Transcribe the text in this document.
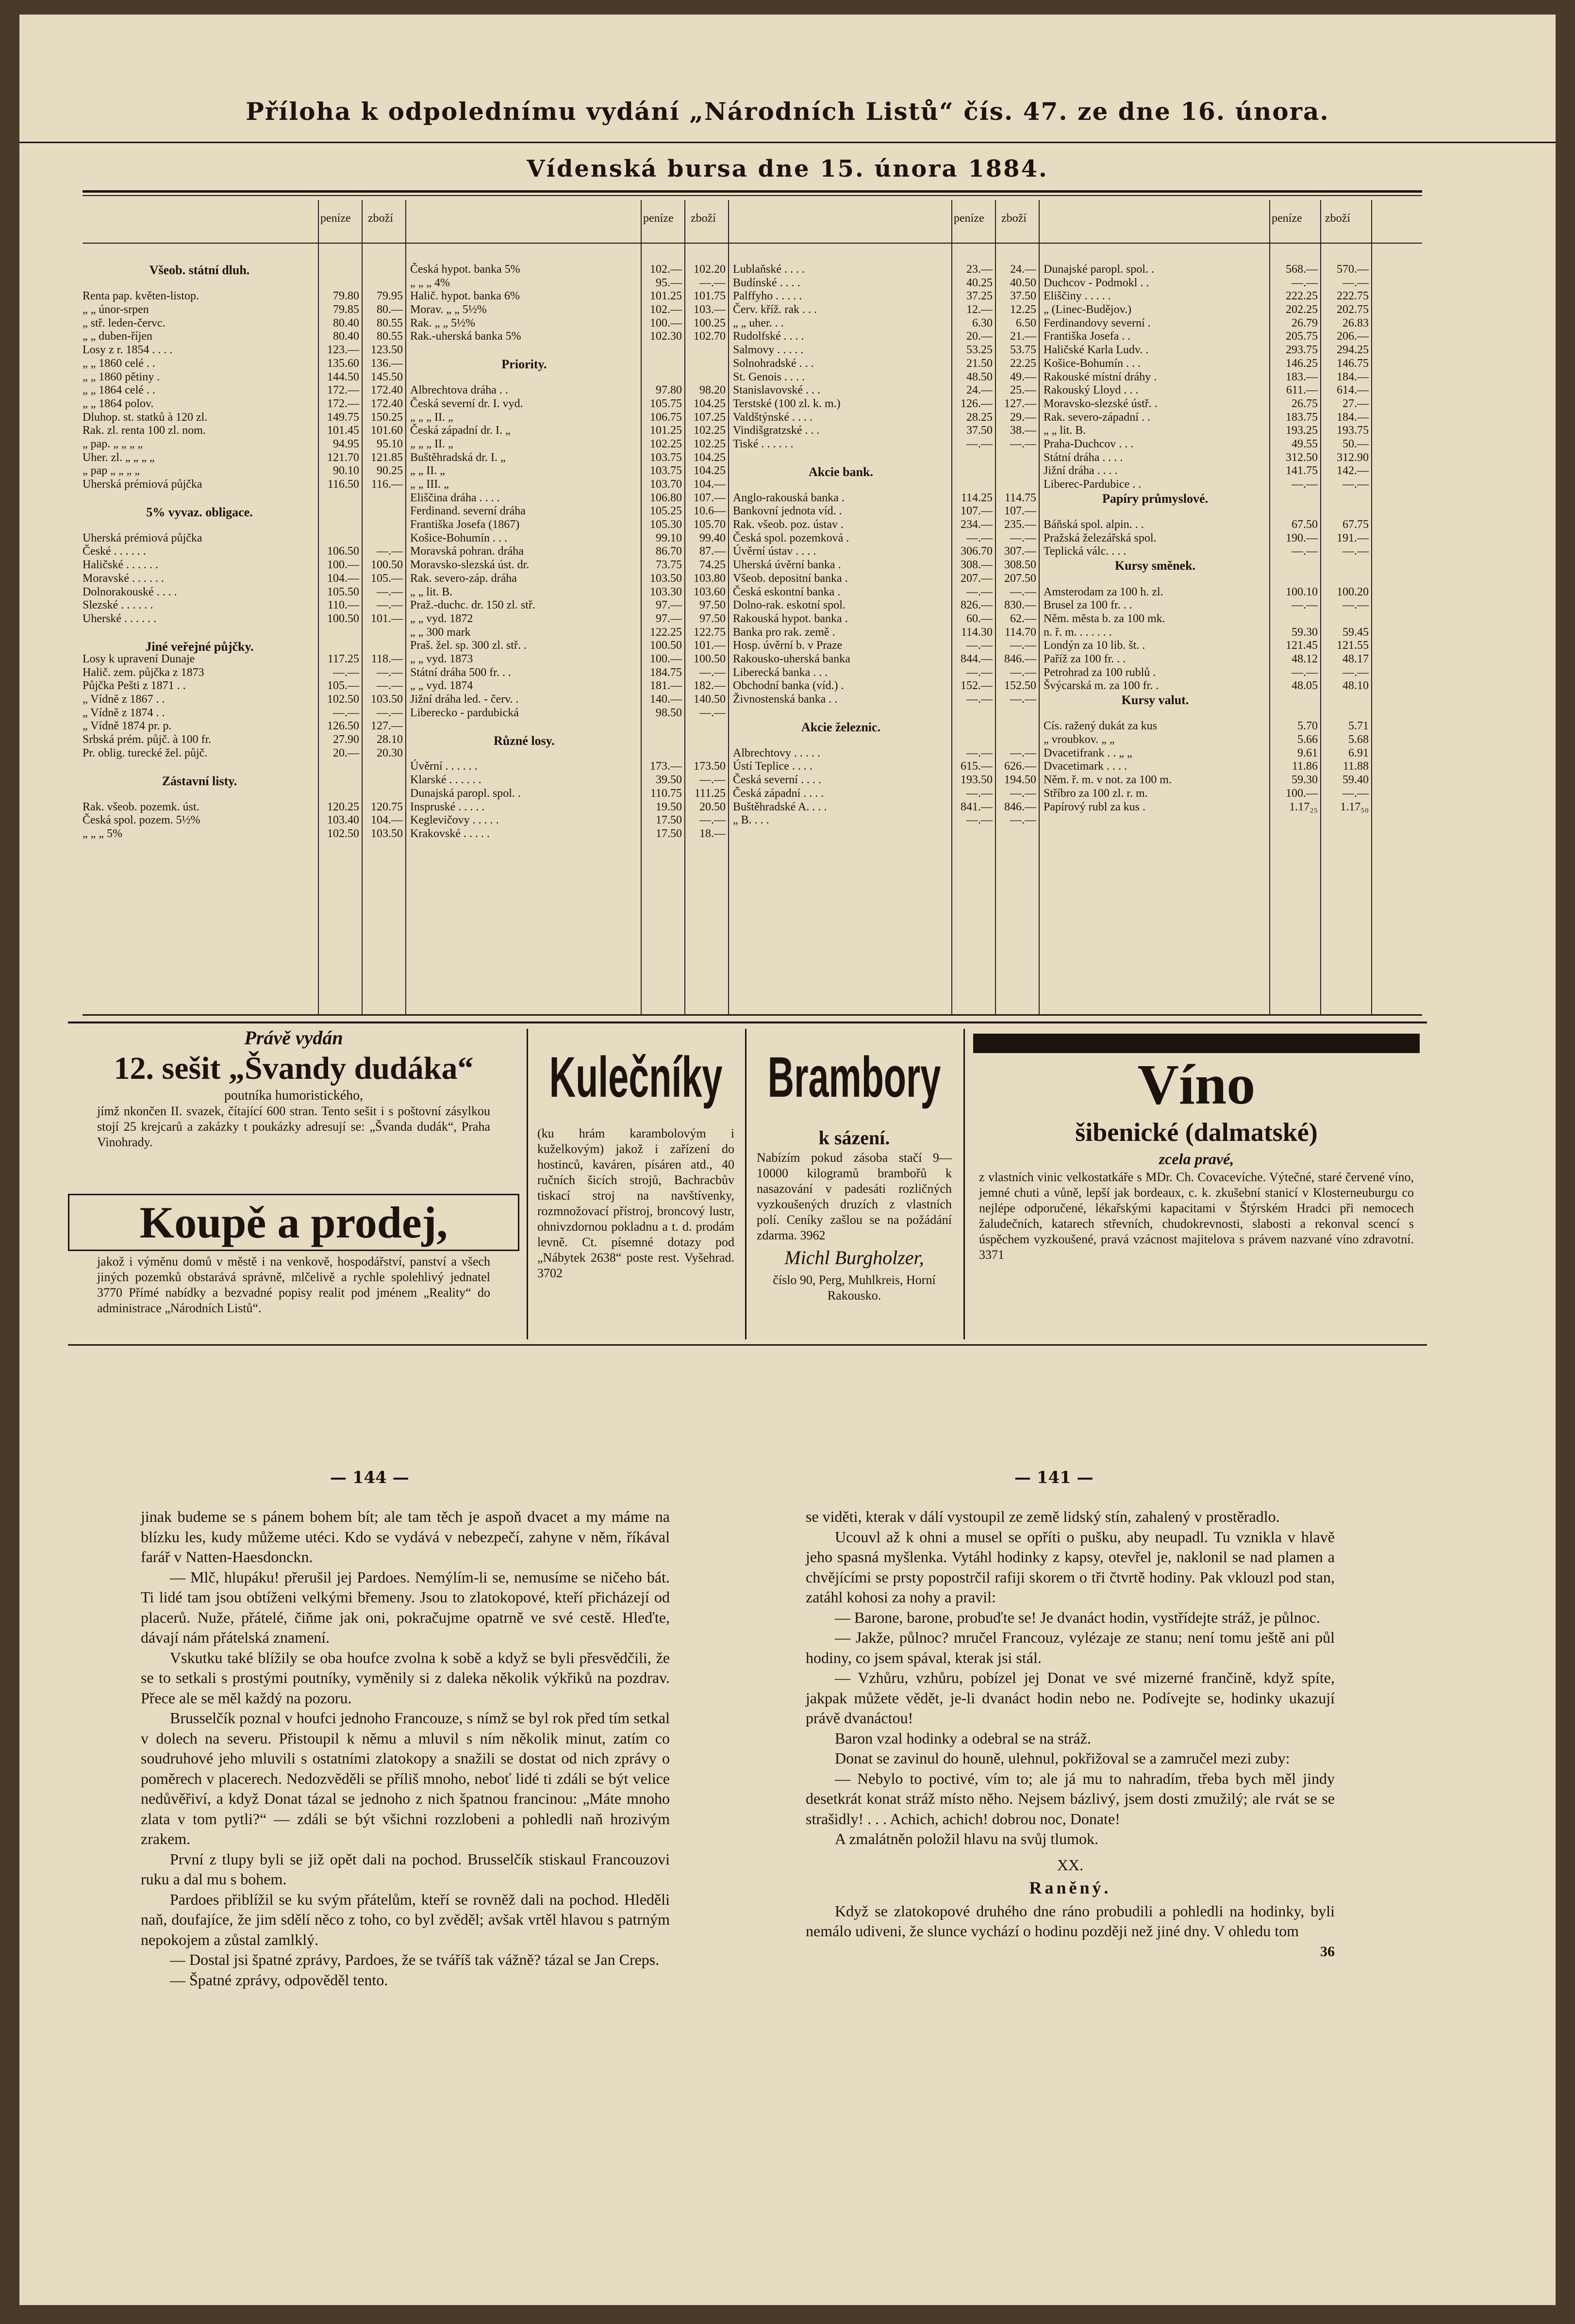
Příloha k odpolednímu vydání „Národních Listů“ čís. 47. ze dne 16. února.
Vídenská bursa dne 15. února 1884.
peníze zboží
Renta pap. květen-listop.
„ „ únor-srpen
„ stř. leden-červc.
„ „ duben-říjen
Losy z r. 1854 . . . .
„ „ 1860 celé . .
„ „ 1860 pětiny .
„ „ 1864 celé . .
„ „ 1864 polov.
Dluhop. st. statků à 120 zl.
Rak. zl. renta 100 zl. nom.
„ pap. „ „ „ „
Uher. zl. „ „ „ „
„ pap „ „ „ „
Uherská prémiová půjčka
Uherská prémiová půjčka
České . . . . . .
Haličské . . . . . .
Moravské . . . . . .
Dolnorakouské . . . .
Slezské . . . . . .
Uherské . . . . . .
Losy k upravení Dunaje
Halič. zem. půjčka z 1873
Půjčka Pešti z 1871 . .
„ Vídně z 1867 . .
„ Vídně z 1874 . .
„ Vídně 1874 pr. p.
Srbská prém. půjč. à 100 fr.
Pr. oblig. turecké žel. půjč.
Rak. všeob. pozemk. úst.
Česká spol. pozem. 5½%
„ „ „ 5%
79.80
79.85
80.40
80.40
123.—
135.60
144.50
172.—
172.—
149.75
101.45
94.95
121.70
90.10
116.50
106.50
100.—
104.—
105.50
110.—
100.50
117.25
—.—
105.—
102.50
—.—
126.50
27.90
20.—
120.25
103.40
102.50
79.95
80.—
80.55
80.55
123.50
136.—
145.50
172.40
172.40
150.25
101.60
95.10
121.85
90.25
116.—
—.—
100.50
105.—
—.—
—.—
101.—
118.—
—.—
—.—
103.50
—.—
127.—
28.10
20.30
120.75
104.—
103.50
peníze zboží
Česká hypot. banka 5%
„ „ „ 4%
Halič. hypot. banka 6%
Morav. „ „ 5½%
Rak. „ „ 5½%
Rak.-uherská banka 5%
Albrechtova dráha . .
Česká severní dr. I. vyd.
„ „ „ II. „
Česká západní dr. I. „
„ „ „ II. „
Buštěhradská dr. I. „
„ „ II. „
„ „ III. „
Eliščina dráha . . . .
Ferdinand. severní dráha
Františka Josefa (1867)
Košice-Bohumín . . .
Moravská pohran. dráha
Moravsko-slezská úst. dr.
Rak. severo-záp. dráha
„ „ lit. B.
Praž.-duchc. dr. 150 zl. stř.
„ „ vyd. 1872
„ „ 300 mark
Praš. žel. sp. 300 zl. stř. .
„ „ vyd. 1873
Státní dráha 500 fr. . .
„ „ vyd. 1874
Jižní dráha led. - červ. .
Liberecko - pardubická
Úvěrní . . . . . .
Klarské . . . . . .
Dunajská paropl. spol. .
Inspruské . . . . .
Keglevičovy . . . . .
Krakovské . . . . .
102.—
95.—
101.25
102.—
100.—
102.30
97.80
105.75
106.75
101.25
102.25
103.75
103.75
103.70
106.80
105.25
105.30
99.10
86.70
73.75
103.50
103.30
97.—
97.—
122.25
100.50
100.—
184.75
181.—
140.—
98.50
173.—
39.50
110.75
19.50
17.50
17.50
102.20
—.—
101.75
103.—
100.25
102.70
98.20
104.25
107.25
102.25
102.25
104.25
104.25
104.—
107.—
10.6—
105.70
99.40
87.—
74.25
103.80
103.60
97.50
97.50
122.75
101.—
100.50
—.—
182.—
140.50
—.—
173.50
—.—
111.25
20.50
—.—
18.—
peníze zboží
Lublaňské . . . .
Budínské . . . .
Palffyho . . . . .
Červ. kříž. rak . . .
„ „ uher. . .
Rudolfské . . . .
Salmovy . . . . .
Solnohradské . . .
St. Genois . . . .
Stanislavovské . . .
Terstské (100 zl. k. m.)
Valdštýnské . . . .
Vindišgratzské . . .
Tiské . . . . . .
Anglo-rakouská banka .
Bankovní jednota víd. .
Rak. všeob. poz. ústav .
Česká spol. pozemková .
Úvěrní ústav . . . .
Uherská úvěrní banka .
Všeob. depositní banka .
Česká eskontní banka .
Dolno-rak. eskotní spol.
Rakouská hypot. banka .
Banka pro rak. země .
Hosp. úvěrní b. v Praze
Rakousko-uherská banka
Liberecká banka . . .
Obchodní banka (víd.) .
Živnostenská banka . .
Albrechtovy . . . . .
Ústí Teplice . . . .
Česká severní . . . .
Česká západní . . . .
Buštěhradské A. . . .
„ B. . . .
23.—
40.25
37.25
12.—
6.30
20.—
53.25
21.50
48.50
24.—
126.—
28.25
37.50
—.—
114.25
107.—
234.—
—.—
306.70
308.—
207.—
—.—
826.—
60.—
114.30
—.—
844.—
—.—
152.—
—.—
—.—
615.—
193.50
—.—
841.—
—.—
24.—
40.50
37.50
12.25
6.50
21.—
53.75
22.25
49.—
25.—
127.—
29.—
38.—
—.—
114.75
107.—
235.—
—.—
307.—
308.50
207.50
—.—
830.—
62.—
114.70
—.—
846.—
—.—
152.50
—.—
—.—
626.—
194.50
—.—
846.—
—.—
peníze zboží
Dunajské paropl. spol. .
Duchcov - Podmokl . .
Eliščiny . . . . .
„ (Linec-Budějov.)
Ferdinandovy severní .
Františka Josefa . .
Haličské Karla Ludv. .
Košice-Bohumín . . .
Rakouské místní dráhy .
Rakouský Lloyd . . .
Moravsko-slezské ústř. .
Rak. severo-západní . .
„ „ lit. B.
Praha-Duchcov . . .
Státní dráha . . . .
Jižní dráha . . . .
Liberec-Pardubice . .
Báňská spol. alpin. . .
Pražská železářská spol.
Teplická válc. . . .
Amsterodam za 100 h. zl.
Brusel za 100 fr. . .
Něm. města b. za 100 mk.
n. ř. m. . . . . . .
Londýn za 10 lib. št. .
Paříž za 100 fr. . .
Petrohrad za 100 rublů .
Švýcarská m. za 100 fr. .
Cís. ražený dukát za kus
„ vroubkov. „ „
Dvacetifrank . . „ „
Dvacetimark . . . .
Něm. ř. m. v not. za 100 m.
Stříbro za 100 zl. r. m.
Papírový rubl za kus .
568.—
—.—
222.25
202.25
26.79
205.75
293.75
146.25
183.—
611.—
26.75
183.75
193.25
49.55
312.50
141.75
—.—
67.50
190.—
—.—
100.10
—.—
59.30
121.45
48.12
—.—
48.05
5.70
5.66
9.61
11.86
59.30
100.—
1.17₂₅
570.—
—.—
222.75
202.75
26.83
206.—
294.25
146.75
184.—
614.—
27.—
184.—
193.75
50.—
312.90
142.—
—.—
67.75
191.—
—.—
100.20
—.—
59.45
121.55
48.17
—.—
48.10
5.71
5.68
6.91
11.88
59.40
—.—
1.17₅₀
Všeob. státní dluh.
5% vyvaz. obligace.
Jiné veřejné půjčky.
Zástavní listy.
Priority.
Různé losy.
Akcie bank.
Akcie železnic.
Papíry průmyslové.
Kursy směnek.
Kursy valut.
Právě vydán
12. sešit „Švandy dudáka“
poutníka humoristického,
jímž nkončen II. svazek, čítající 600 stran. Tento sešit i s poštovní zásylkou stojí 25 krejcarů a zakázky t poukázky adresují se: „Švanda dudák“, Praha Vinohrady.
Koupě a prodej,
jakož i výměnu domů v městě i na venkově, hospodářství, panství a všech jiných pozemků obstarává správně, mlčelivě a rychle spolehlivý jednatel 3770 Přímé nabídky a bezvadné popisy realit pod jménem „Reality“ do administrace „Národních Listů“.
Kulečníky
(ku hrám karambolovým i kuželkovým) jakož i zařízení do hostinců, kaváren, písáren atd., 40 ručních šicích strojů, Bachracbův tiskací stroj na navštívenky, rozmnožovací přístroj, broncový lustr, ohnivzdornou pokladnu a t. d. prodám levně. Ct. písemné dotazy pod „Nábytek 2638“ poste rest. Vyšehrad. 3702
Brambory
k sázení.
Nabízím pokud zásoba stačí 9—10000 kilogramů brambořů k nasazování v padesáti rozličných vyzkoušených druzích z vlastních polí. Ceníky zašlou se na požádání zdarma. 3962
Michl Burgholzer,
číslo 90, Perg, Muhlkreis, Horní Rakousko.
Víno
šibenické (dalmatské)
zcela pravé,
z vlastních vinic velkostatkáře s MDr. Ch. Covacevíche. Výtečné, staré červené víno, jemné chuti a vůně, lepší jak bordeaux, c. k. zkušební stanicí v Klosterneuburgu co nejlépe odporučené, lékařskými kapacitami v Štýrském Hradci při nemocech žaludečních, katarech střevních, chudokrevnosti, slabosti a rekonval scencí s úspěchem vyzkoušené, pravá vzácnost majitelova s právem nazvané víno zdravotní. 3371
— 144 —	— 141 —

jinak budeme se s pánem bohem bít; ale tam těch je aspoň dvacet a my máme na blízku les, kudy můžeme utéci. Kdo se vydává v nebezpečí, zahyne v něm, říkával farář v Natten-Haesdonckn.

— Mlč, hlupáku! přerušil jej Pardoes. Nemýlím-li se, nemusíme se ničeho bát. Ti lidé tam jsou obtíženi velkými břemeny. Jsou to zlatokopové, kteří přicházejí od placerů. Nuže, přátelé, čiňme jak oni, pokračujme opatrně ve své cestě. Hleďte, dávají nám přátelská znamení.

Vskutku také blížily se oba houfce zvolna k sobě a když se byli přesvědčili, že se to setkali s prostými poutníky, vyměnily si z daleka několik výkřiků na pozdrav. Přece ale se měl každý na pozoru.

Brusselčík poznal v houfci jednoho Francouze, s nímž se byl rok před tím setkal v dolech na severu. Přistoupil k němu a mluvil s ním několik minut, zatím co soudruhové jeho mluvili s ostatními zlatokopy a snažili se dostat od nich zprávy o poměrech v placerech. Nedozvěděli se příliš mnoho, neboť lidé ti zdáli se být velice nedůvěřiví, a když Donat tázal se jednoho z nich špatnou francinou: „Máte mnoho zlata v tom pytli?“ — zdáli se být všichni rozzlobeni a pohledli naň hrozivým zrakem.

První z tlupy byli se již opět dali na pochod. Brusselčík stiskaul Francouzovi ruku a dal mu s bohem.

Pardoes přiblížil se ku svým přátelům, kteří se rovněž dali na pochod. Hleděli naň, doufajíce, že jim sdělí něco z toho, co byl zvěděl; avšak vrtěl hlavou s patrným nepokojem a zůstal zamlklý.

— Dostal jsi špatné zprávy, Pardoes, že se tváříš tak vážně? tázal se Jan Creps.

— Špatné zprávy, odpověděl tento.

se viděti, kterak v dálí vystoupil ze země lidský stín, zahalený v prostěradlo.

Ucouvl až k ohni a musel se opříti o pušku, aby neupadl. Tu vznikla v hlavě jeho spasná myšlenka. Vytáhl hodinky z kapsy, otevřel je, naklonil se nad plamen a chvějícími se prsty popostrčil rafiji skorem o tři čtvrtě hodiny. Pak vklouzl pod stan, zatáhl kohosi za nohy a pravil:

— Barone, barone, probuďte se! Je dvanáct hodin, vystřídejte stráž, je půlnoc.

— Jakže, půlnoc? mručel Francouz, vylézaje ze stanu; není tomu ještě ani půl hodiny, co jsem spával, kterak jsi stál.

— Vzhůru, vzhůru, pobízel jej Donat ve své mizerné frančině, když spíte, jakpak můžete vědět, je-li dvanáct hodin nebo ne. Podívejte se, hodinky ukazují právě dvanáctou!

Baron vzal hodinky a odebral se na stráž.

Donat se zavinul do houně, ulehnul, pokřižoval se a zamručel mezi zuby:

— Nebylo to poctivé, vím to; ale já mu to nahradím, třeba bych měl jindy desetkrát konat stráž místo něho. Nejsem bázlivý, jsem dosti zmužilý; ale rvát se se strašidly! . . . Achich, achich! dobrou noc, Donate!

A zmalátněn položil hlavu na svůj tlumok.

XX.
Raněný.

Když se zlatokopové druhého dne ráno probudili a pohledli na hodinky, byli nemálo udiveni, že slunce vychází o hodinu později než jiné dny. V ohledu tom

36
